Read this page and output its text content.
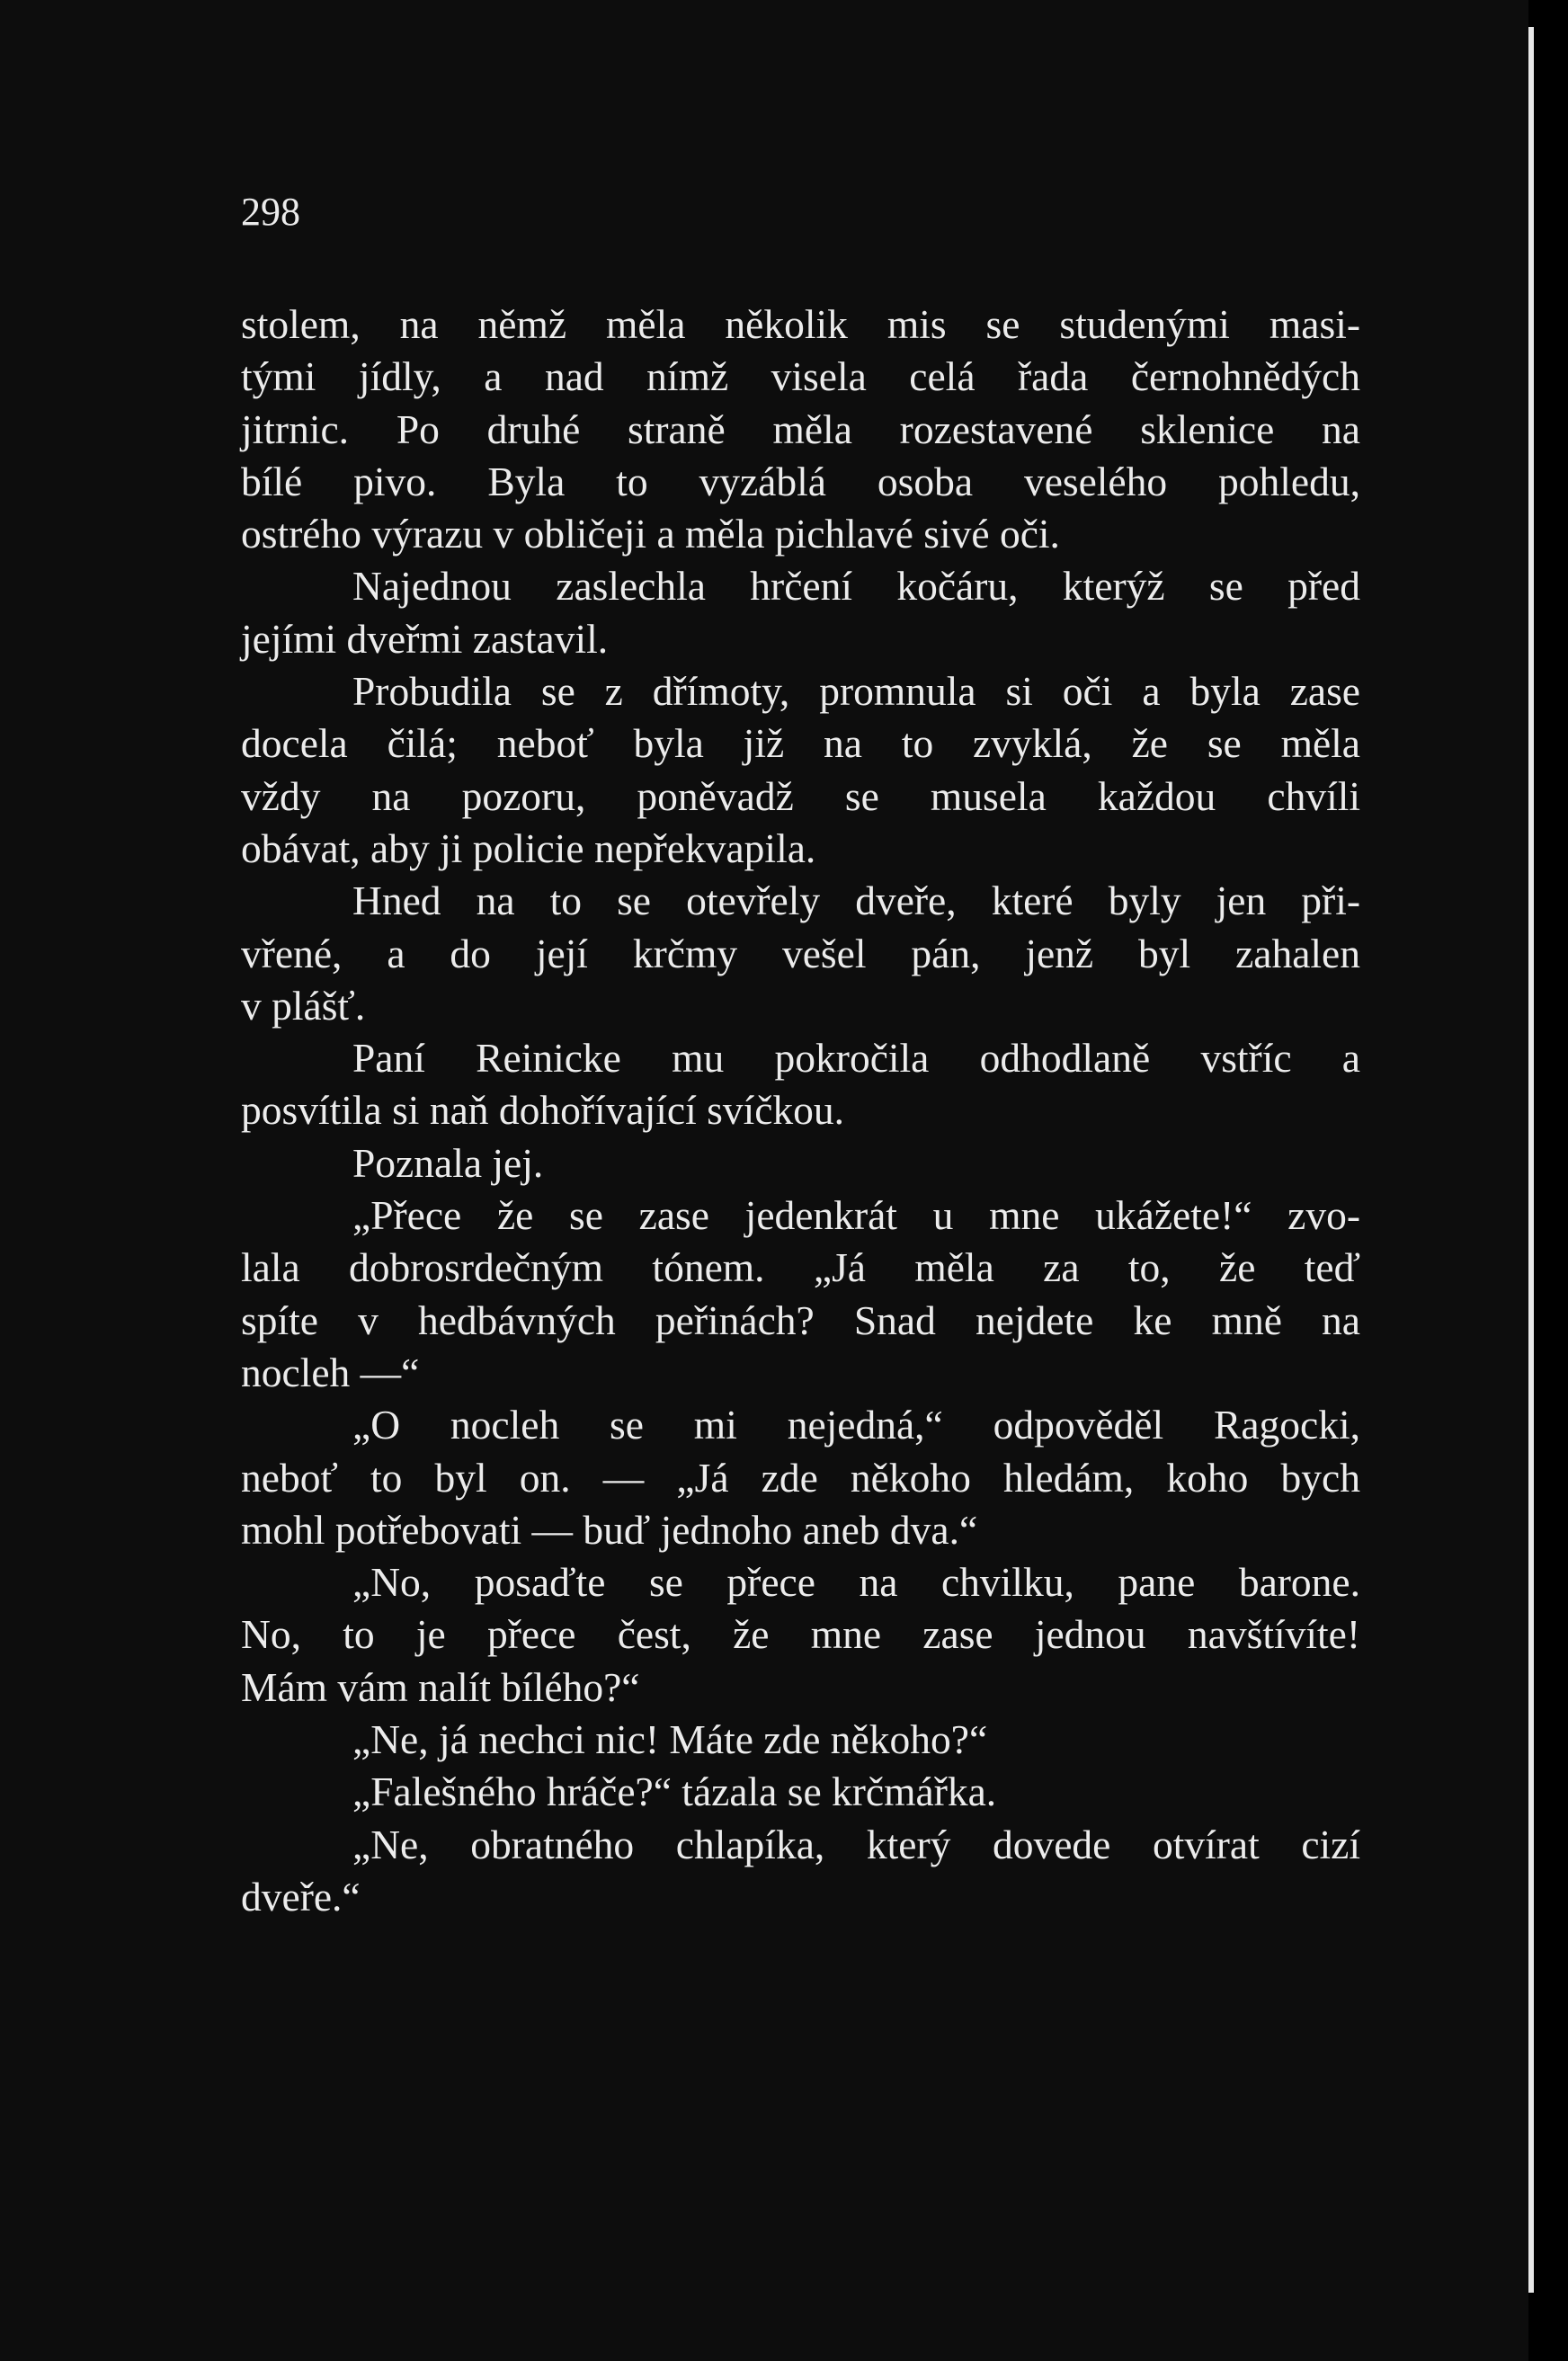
298

stolem, na němž měla několik mis se studenými masi-

tými jídly, a nad nímž visela celá řada černohnědých

jitrnic. Po druhé straně měla rozestavené sklenice na

bílé pivo. Byla to vyzáblá osoba veselého pohledu,

ostrého výrazu v obličeji a měla pichlavé sivé oči.

Najednou zaslechla hrčení kočáru, kterýž se před

jejími dveřmi zastavil.

Probudila se z dřímoty, promnula si oči a byla zase

docela čilá; neboť byla již na to zvyklá, že se měla

vždy na pozoru, poněvadž se musela každou chvíli

obávat, aby ji policie nepřekvapila.

Hned na to se otevřely dveře, které byly jen při-

vřené, a do její krčmy vešel pán, jenž byl zahalen

v plášť.

Paní Reinicke mu pokročila odhodlaně vstříc a

posvítila si naň dohořívající svíčkou.

Poznala jej.

„Přece že se zase jedenkrát u mne ukážete!“ zvo-

lala dobrosrdečným tónem. „Já měla za to, že teď

spíte v hedbávných peřinách? Snad nejdete ke mně na

nocleh —“

„O nocleh se mi nejedná,“ odpověděl Ragocki,

neboť to byl on. — „Já zde někoho hledám, koho bych

mohl potřebovati — buď jednoho aneb dva.“

„No, posaďte se přece na chvilku, pane barone.

No, to je přece čest, že mne zase jednou navštívíte!

Mám vám nalít bílého?“

„Ne, já nechci nic! Máte zde někoho?“

„Falešného hráče?“ tázala se krčmářka.

„Ne, obratného chlapíka, který dovede otvírat cizí

dveře.“
